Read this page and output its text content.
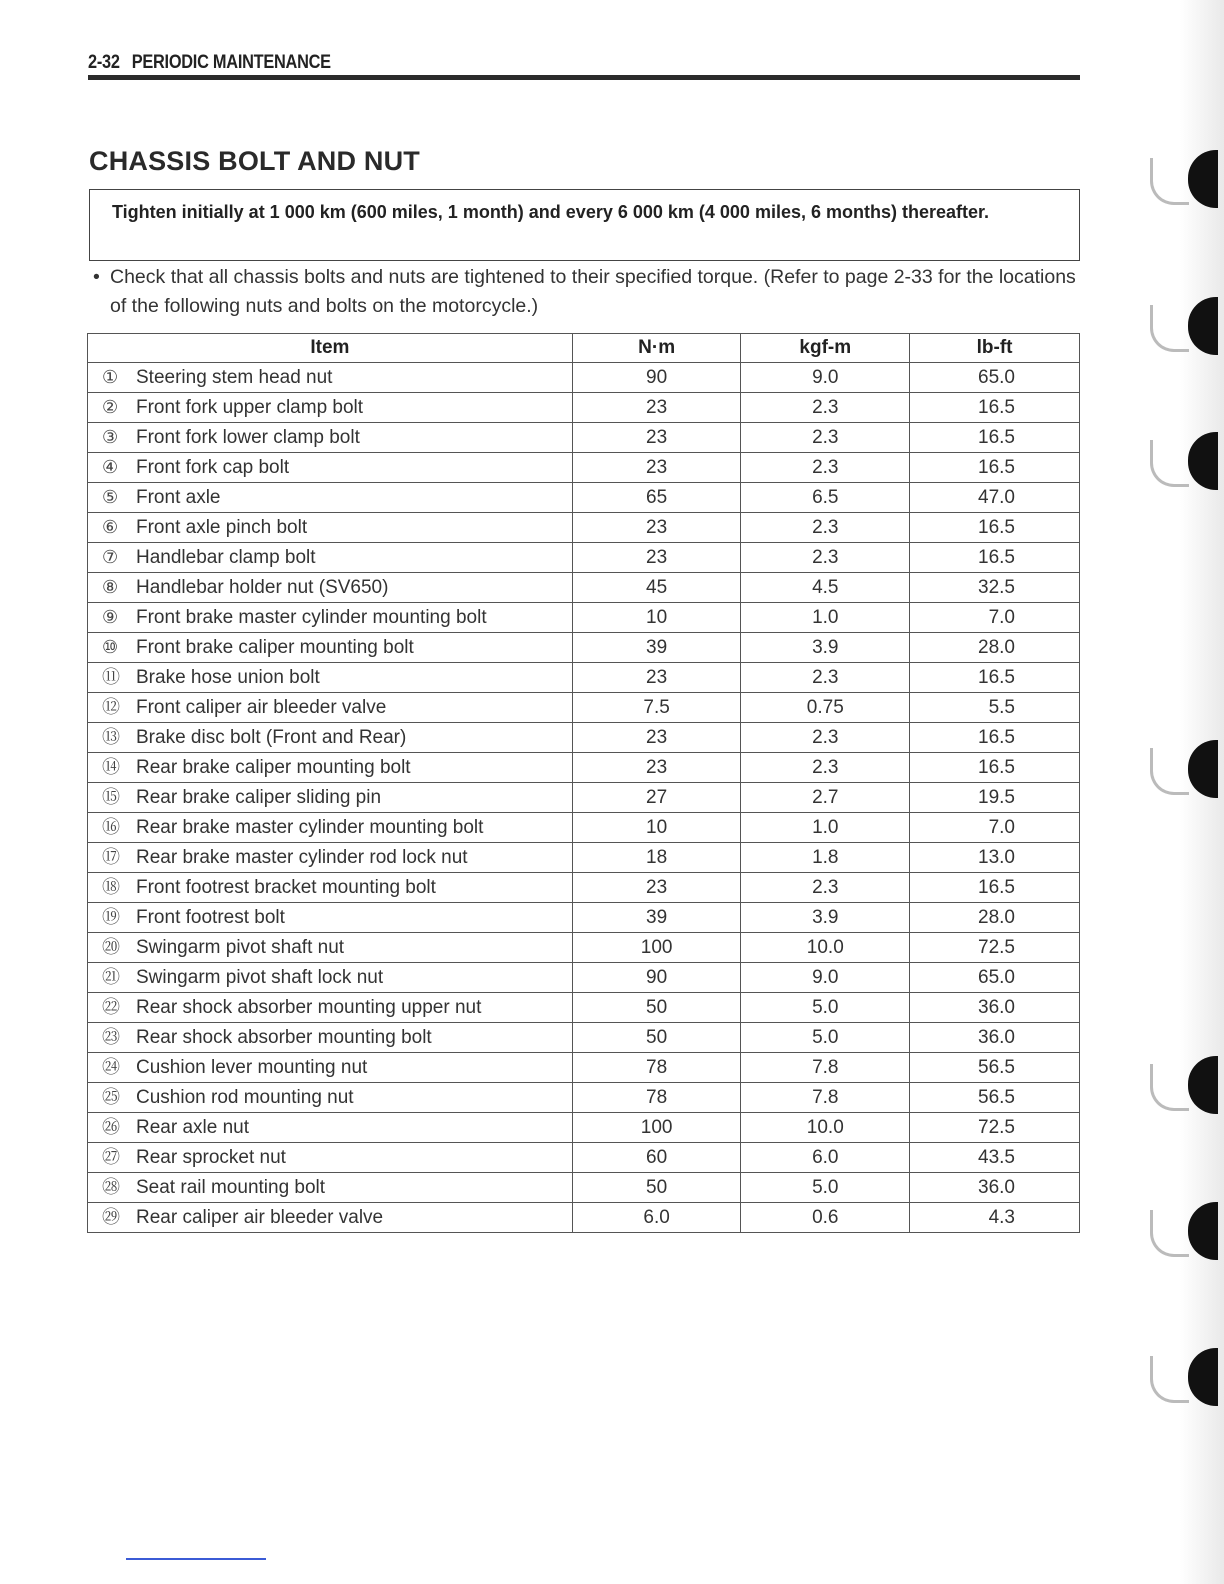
2-32 PERIODIC MAINTENANCE
CHASSIS BOLT AND NUT

Tighten initially at 1 000 km (600 miles, 1 month) and every 6 000 km (4 000 miles, 6 months) thereafter.

• Check that all chassis bolts and nuts are tightened to their specified torque. (Refer to page 2-33 for the locations of the following nuts and bolts on the motorcycle.)
Item	N·m	kgf-m	lb-ft
① Steering stem head nut	90	9.0	65.0
② Front fork upper clamp bolt	23	2.3	16.5
③ Front fork lower clamp bolt	23	2.3	16.5
④ Front fork cap bolt	23	2.3	16.5
⑤ Front axle	65	6.5	47.0
⑥ Front axle pinch bolt	23	2.3	16.5
⑦ Handlebar clamp bolt	23	2.3	16.5
⑧ Handlebar holder nut (SV650)	45	4.5	32.5
⑨ Front brake master cylinder mounting bolt	10	1.0	7.0
⑩ Front brake caliper mounting bolt	39	3.9	28.0
⑪ Brake hose union bolt	23	2.3	16.5
⑫ Front caliper air bleeder valve	7.5	0.75	5.5
⑬ Brake disc bolt (Front and Rear)	23	2.3	16.5
⑭ Rear brake caliper mounting bolt	23	2.3	16.5
⑮ Rear brake caliper sliding pin	27	2.7	19.5
⑯ Rear brake master cylinder mounting bolt	10	1.0	7.0
⑰ Rear brake master cylinder rod lock nut	18	1.8	13.0
⑱ Front footrest bracket mounting bolt	23	2.3	16.5
⑲ Front footrest bolt	39	3.9	28.0
⑳ Swingarm pivot shaft nut	100	10.0	72.5
㉑ Swingarm pivot shaft lock nut	90	9.0	65.0
㉒ Rear shock absorber mounting upper nut	50	5.0	36.0
㉓ Rear shock absorber mounting bolt	50	5.0	36.0
㉔ Cushion lever mounting nut	78	7.8	56.5
㉕ Cushion rod mounting nut	78	7.8	56.5
㉖ Rear axle nut	100	10.0	72.5
㉗ Rear sprocket nut	60	6.0	43.5
㉘ Seat rail mounting bolt	50	5.0	36.0
㉙ Rear caliper air bleeder valve	6.0	0.6	4.3
